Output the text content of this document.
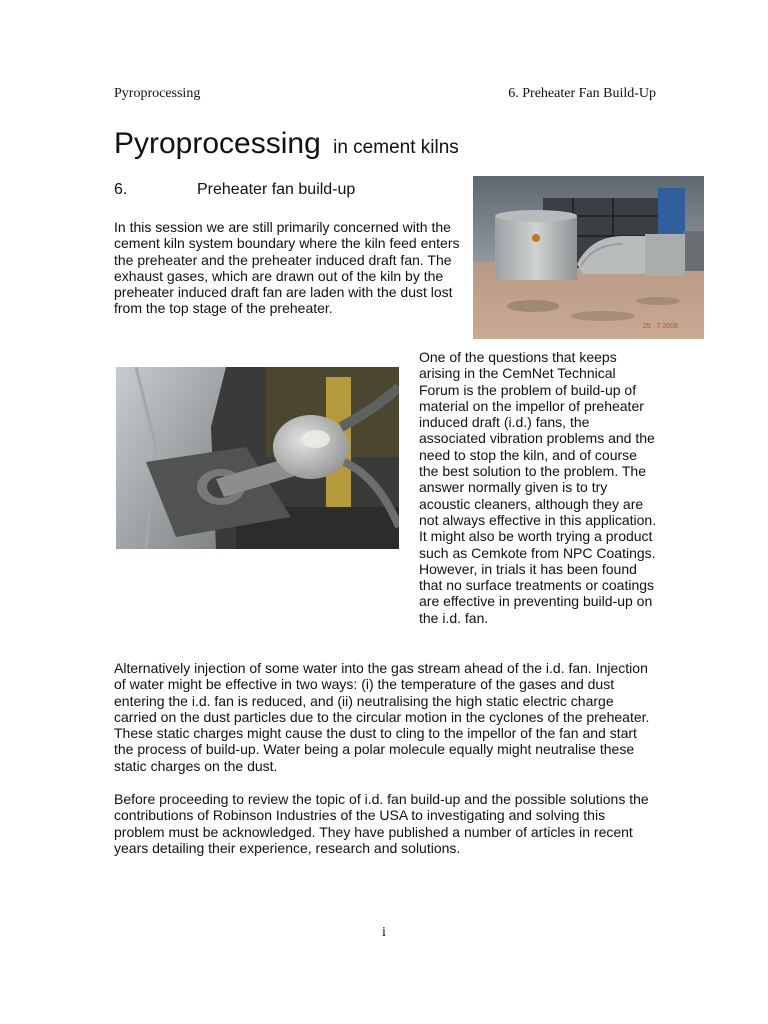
Pyroprocessing	6. Preheater Fan Build-Up
Pyroprocessing in cement kilns
6.	Preheater fan build-up

In this session we are still primarily concerned with the cement kiln system boundary where the kiln feed enters the preheater and the preheater induced draft fan. The exhaust gases, which are drawn out of the kiln by the preheater induced draft fan are laden with the dust lost from the top stage of the preheater.

One of the questions that keeps arising in the CemNet Technical Forum is the problem of build-up of material on the impellor of preheater induced draft (i.d.) fans, the associated vibration problems and the need to stop the kiln, and of course the best solution to the problem. The answer normally given is to try acoustic cleaners, although they are not always effective in this application. It might also be worth trying a product such as Cemkote from NPC Coatings. However, in trials it has been found that no surface treatments or coatings are effective in preventing build-up on the i.d. fan.

Alternatively injection of some water into the gas stream ahead of the i.d. fan. Injection of water might be effective in two ways: (i) the temperature of the gases and dust entering the i.d. fan is reduced, and (ii) neutralising the high static electric charge carried on the dust particles due to the circular motion in the cyclones of the preheater. These static charges might cause the dust to cling to the impellor of the fan and start the process of build-up. Water being a polar molecule equally might neutralise these static charges on the dust.

Before proceeding to review the topic of i.d. fan build-up and the possible solutions the contributions of Robinson Industries of the USA to investigating and solving this problem must be acknowledged. They have published a number of articles in recent years detailing their experience, research and solutions.

25 . 7 2008
i
